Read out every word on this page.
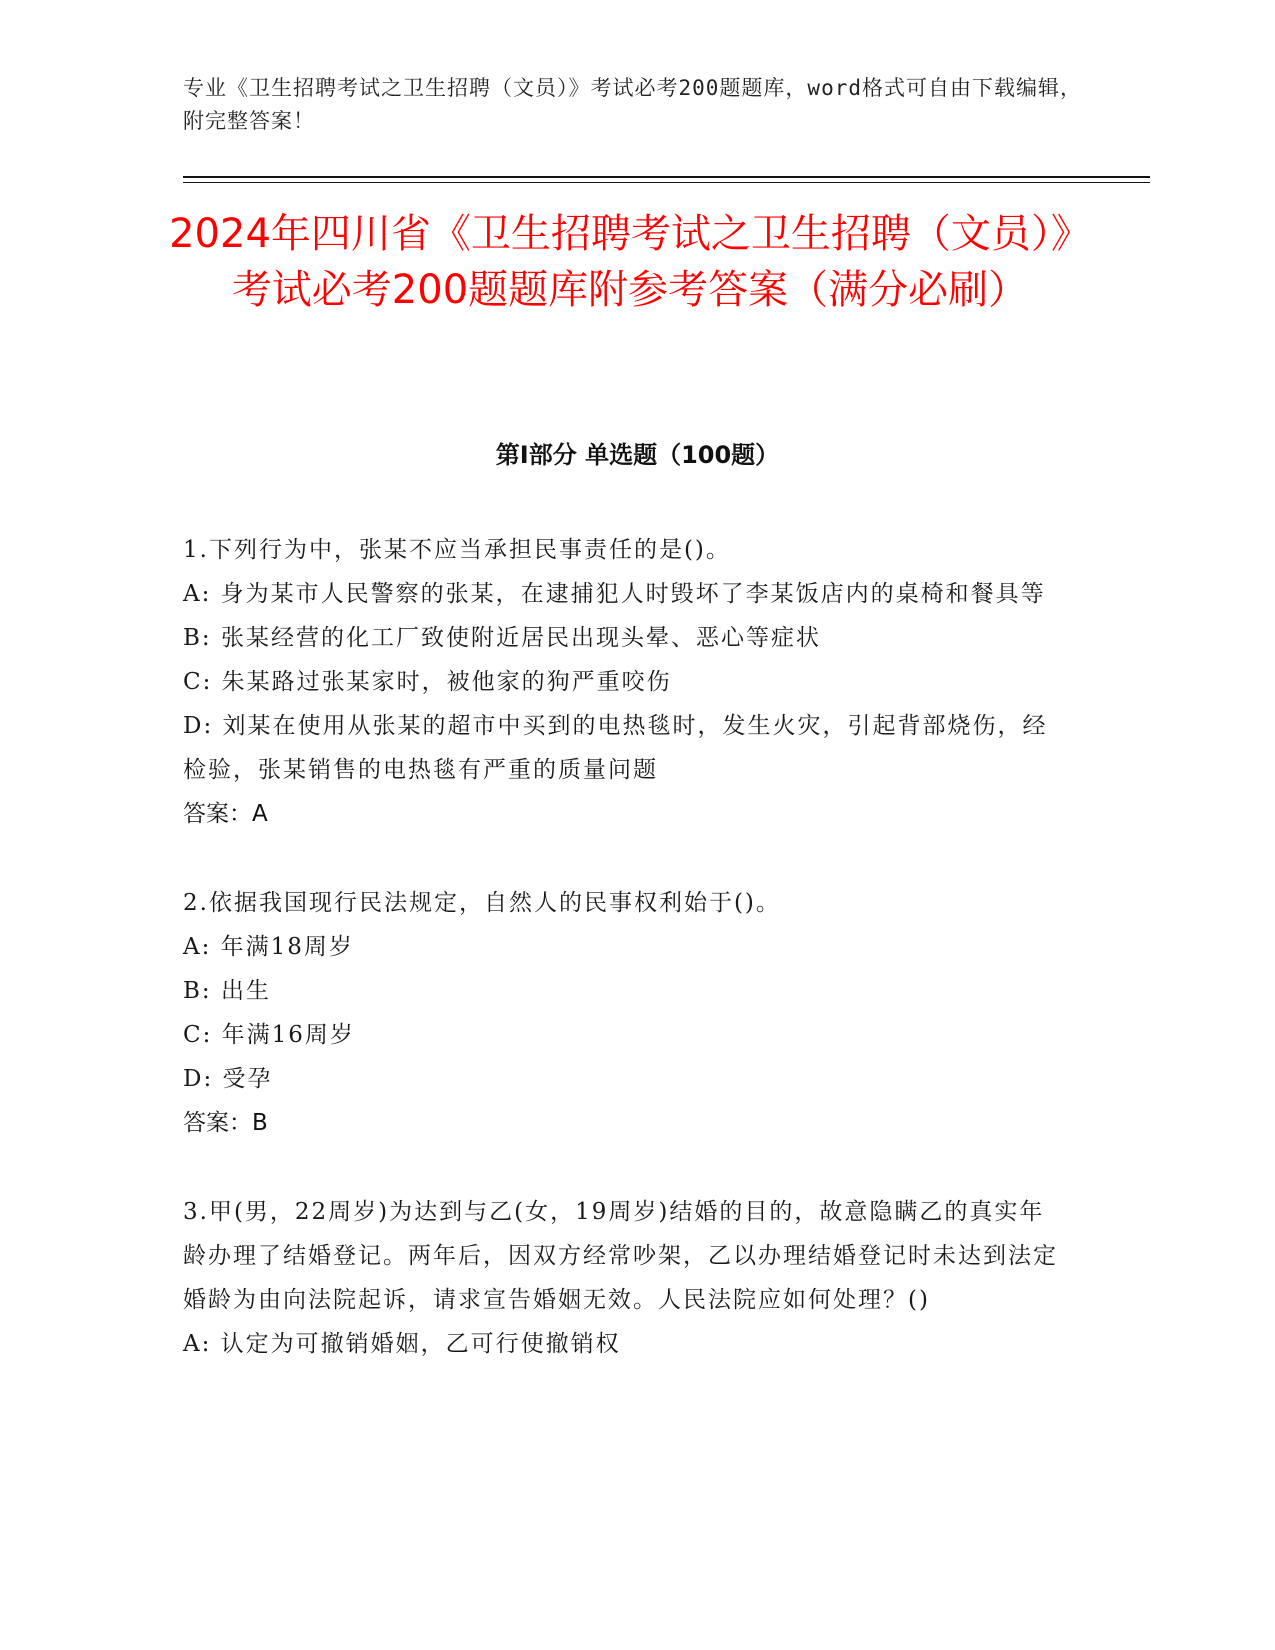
专业《卫生招聘考试之卫生招聘（文员）》考试必考200题题库，word格式可自由下载编辑，附完整答案！
2024年四川省《卫生招聘考试之卫生招聘（文员）》考试必考200题题库附参考答案（满分必刷）
第I部分 单选题（100题）

1.下列行为中，张某不应当承担民事责任的是()。

A: 身为某市人民警察的张某，在逮捕犯人时毁坏了李某饭店内的桌椅和餐具等

B: 张某经营的化工厂致使附近居民出现头晕、恶心等症状

C: 朱某路过张某家时，被他家的狗严重咬伤

D: 刘某在使用从张某的超市中买到的电热毯时，发生火灾，引起背部烧伤，经检验，张某销售的电热毯有严重的质量问题

答案：A

2.依据我国现行民法规定，自然人的民事权利始于()。

A: 年满18周岁

B: 出生

C: 年满16周岁

D: 受孕

答案：B

3.甲(男，22周岁)为达到与乙(女，19周岁)结婚的目的，故意隐瞒乙的真实年龄办理了结婚登记。两年后，因双方经常吵架，乙以办理结婚登记时未达到法定婚龄为由向法院起诉，请求宣告婚姻无效。人民法院应如何处理？()

A: 认定为可撤销婚姻，乙可行使撤销权
